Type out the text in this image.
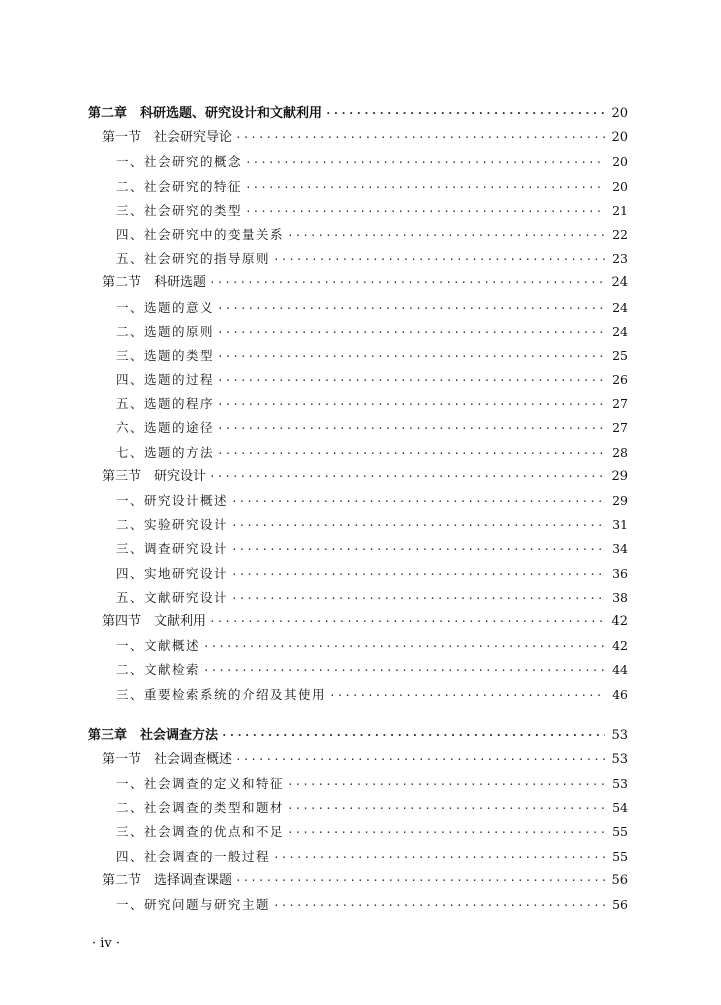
第二章　科研选题、研究设计和文献利用 ·····	20
第一节　社会研究导论 ·····	20
一、社会研究的概念 ·····	20
二、社会研究的特征 ·····	20
三、社会研究的类型 ·····	21
四、社会研究中的变量关系 ·····	22
五、社会研究的指导原则 ·····	23
第二节　科研选题 ·····	24
一、选题的意义 ·····	24
二、选题的原则 ·····	24
三、选题的类型 ·····	25
四、选题的过程 ·····	26
五、选题的程序 ·····	27
六、选题的途径 ·····	27
七、选题的方法 ·····	28
第三节　研究设计 ·····	29
一、研究设计概述 ·····	29
二、实验研究设计 ·····	31
三、调查研究设计 ·····	34
四、实地研究设计 ·····	36
五、文献研究设计 ·····	38
第四节　文献利用 ·····	42
一、文献概述 ·····	42
二、文献检索 ·····	44
三、重要检索系统的介绍及其使用 ·····	46
第三章　社会调查方法 ·····	53
第一节　社会调查概述 ·····	53
一、社会调查的定义和特征 ·····	53
二、社会调查的类型和题材 ·····	54
三、社会调查的优点和不足 ·····	55
四、社会调查的一般过程 ·····	55
第二节　选择调查课题 ·····	56
一、研究问题与研究主题 ·····	56
· iv ·
